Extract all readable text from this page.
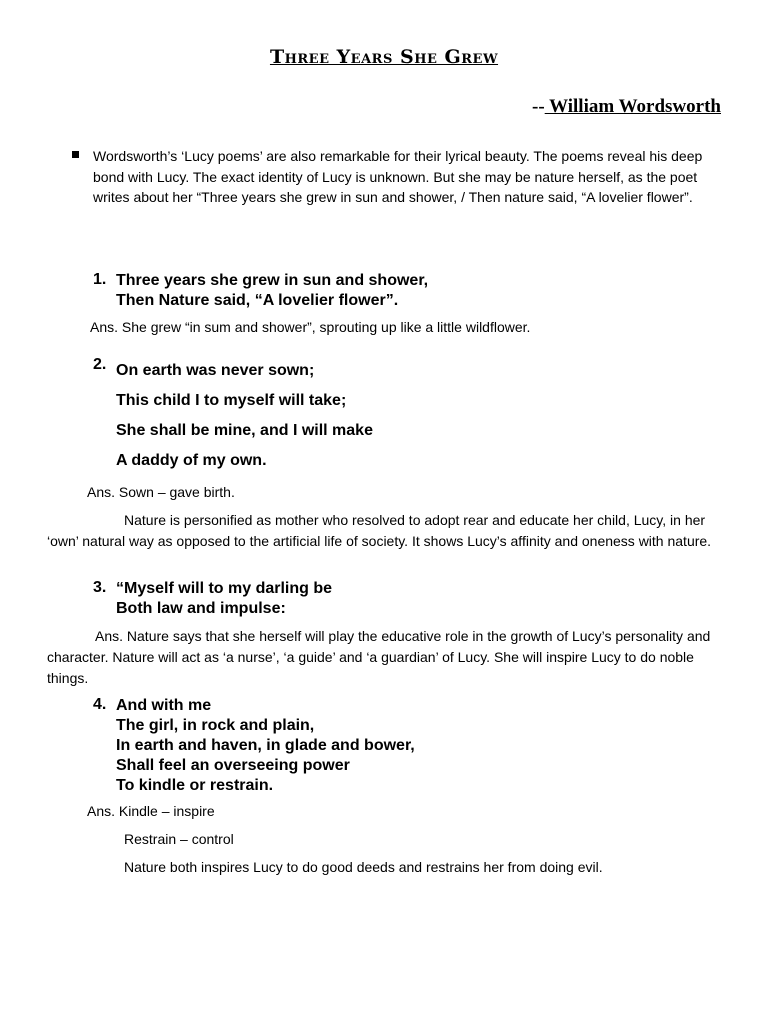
Three Years She Grew
-- William Wordsworth
Wordsworth’s ‘Lucy poems’ are also remarkable for their lyrical beauty. The poems reveal his deep bond with Lucy. The exact identity of Lucy is unknown. But she may be nature herself, as the poet writes about her “Three years she grew in sun and shower, / Then nature said, “A lovelier flower”.
1. Three years she grew in sun and shower,
Then Nature said, “A lovelier flower”.
Ans. She grew “in sum and shower”, sprouting up like a little wildflower.
2. On earth was never sown;
This child I to myself will take;
She shall be mine, and I will make
A daddy of my own.
Ans. Sown – gave birth.
Nature is personified as mother who resolved to adopt rear and educate her child, Lucy, in her ‘own’ natural way as opposed to the artificial life of society. It shows Lucy’s affinity and oneness with nature.
3. “Myself will to my darling be
Both law and impulse:
Ans. Nature says that she herself will play the educative role in the growth of Lucy’s personality and character. Nature will act as ‘a nurse’, ‘a guide’ and ‘a guardian’ of Lucy. She will inspire Lucy to do noble things.
4. And with me
The girl, in rock and plain,
In earth and haven, in glade and bower,
Shall feel an overseeing power
To kindle or restrain.
Ans. Kindle – inspire
Restrain – control
Nature both inspires Lucy to do good deeds and restrains her from doing evil.
